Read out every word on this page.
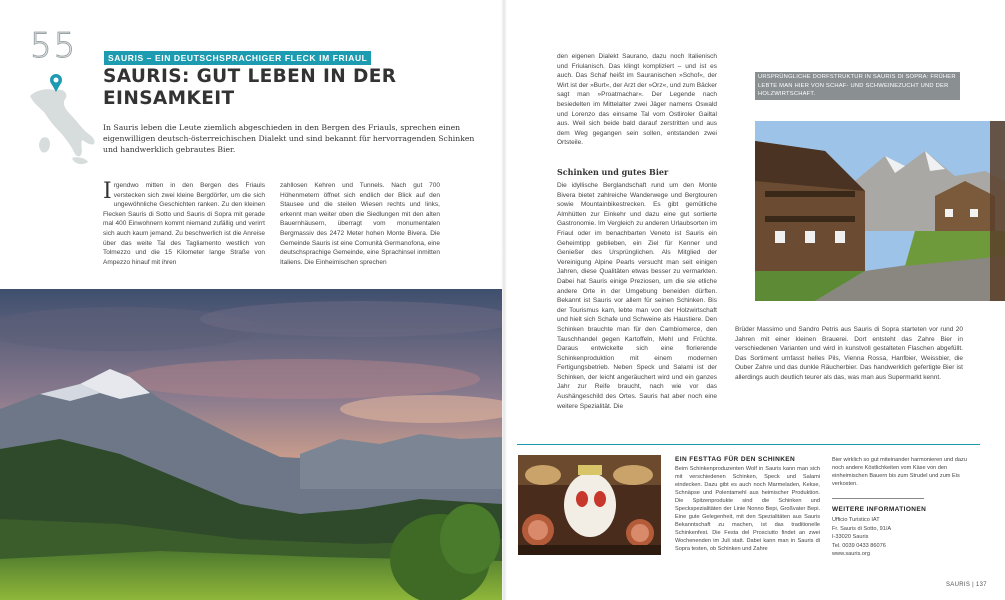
55	SAURIS – EIN DEUTSCHSPRACHIGER FLECK IM FRIAUL
SAURIS: GUT LEBEN IN DER EINSAMKEIT

In Sauris leben die Leute ziemlich abgeschieden in den Bergen des Friauls, sprechen einen eigenwilligen deutsch-österreichischen Dialekt und sind bekannt für hervorragenden Schinken und handwerklich gebrautes Bier.

Irgendwo mitten in den Bergen des Friauls verstecken sich zwei kleine Bergdörfer, um die sich ungewöhnliche Geschichten ranken. Zu den kleinen Flecken Sauris di Sotto und Sauris di Sopra mit gerade mal 400 Einwohnern kommt niemand zufällig und verirrt sich auch kaum jemand. Zu beschwerlich ist die Anreise über das weite Tal des Tagliamento westlich von Tolmezzo und die 15 Kilometer lange Straße von Ampezzo hinauf mit ihren
zahllosen Kehren und Tunnels. Nach gut 700 Höhenmetern öffnet sich endlich der Blick auf den Stausee und die steilen Wiesen rechts und links, erkennt man weiter oben die Siedlungen mit den alten Bauernhäusern, überragt vom monumentalen Bergmassiv des 2472 Meter hohen Monte Bivera. Die Gemeinde Sauris ist eine Comunità Germanofona, eine deutschsprachige Gemeinde, eine Sprachinsel inmitten Italiens. Die Einheimischen sprechen
den eigenen Dialekt Saurano, dazu noch Italienisch und Friulanisch. Das klingt kompliziert – und ist es auch. Das Schaf heißt im Sauranischen »Schof«, der Wirt ist der »Burt«, der Arzt der »Orz«, und zum Bäcker sagt man »Proatmachar«. Der Legende nach besiedelten im Mittelalter zwei Jäger namens Oswald und Lorenzo das einsame Tal vom Ostliroler Gailtal aus. Weil sich beide bald darauf zerstritten und aus dem Weg gegangen sein sollen, entstanden zwei Ortsteile.
Schinken und gutes Bier
Die idyllische Berglandschaft rund um den Monte Bivera bietet zahlreiche Wanderwege und Bergtouren sowie Mountainbikestrecken. Es gibt gemütliche Almhütten zur Einkehr und dazu eine gut sortierte Gastronomie. Im Vergleich zu anderen Urlaubsorten im Friaul oder im benachbarten Veneto ist Sauris ein Geheimtipp geblieben, ein Ziel für Kenner und Genießer des Ursprünglichen. Als Mitglied der Vereinigung Alpine Pearls versucht man seit einigen Jahren, diese Qualitäten etwas besser zu vermarkten. Dabei hat Sauris einige Preziosen, um die sie etliche andere Orte in der Umgebung beneiden dürften. Bekannt ist Sauris vor allem für seinen Schinken. Bis der Tourismus kam, lebte man von der Holzwirtschaft und hielt sich Schafe und Schweine als Haustiere. Den Schinken brauchte man für den Cambiomerce, den Tauschhandel gegen Kartoffeln, Mehl und Früchte. Daraus entwickelte sich eine florierende Schinkenproduktion mit einem modernen Fertigungsbetrieb. Neben Speck und Salami ist der Schinken, der leicht angeräuchert wird und ein ganzes Jahr zur Reife braucht, nach wie vor das Aushängeschild des Ortes. Sauris hat aber noch eine weitere Spezialität. Die
URSPRÜNGLICHE DORFSTRUKTUR IN SAURIS DI SOPRA: FRÜHER LEBTE MAN HIER VON SCHAF- UND SCHWEINEZUCHT UND DER HOLZWIRTSCHAFT.
Brüder Massimo und Sandro Petris aus Sauris di Sopra starteten vor rund 20 Jahren mit einer kleinen Brauerei. Dort entsteht das Zahre Bier in verschiedenen Varianten und wird in kunstvoll gestalteten Flaschen abgefüllt. Das Sortiment umfasst helles Pils, Vienna Rossa, Hanfbier, Weissbier, die Ouber Zahre und das dunkle Räucherbier. Das handwerklich gefertigte Bier ist allerdings auch deutlich teurer als das, was man aus Supermarkt kennt.
EIN FESTTAG FÜR DEN SCHINKEN
Beim Schinkenproduzenten Wolf in Sauris kann man sich mit verschiedenen Schinken, Speck und Salami eindecken. Dazu gibt es auch noch Marmeladen, Kekse, Schnäpse und Polentamehl aus heimischer Produktion. Die Spitzenprodukte sind die Schinken und Speckspezialitäten der Linie Nonno Bepi, Großvater Bepi. Eine gute Gelegenheit, mit den Spezialitäten aus Sauris Bekanntschaft zu machen, ist das traditionelle Schinkenfest. Die Festa del Prosciutto findet an zwei Wochenenden im Juli statt. Dabei kann man in Sauris di Sopra testen, ob Schinken und Zahre
Bier wirklich so gut miteinander harmonieren und dazu noch andere Köstlichkeiten vom Käse von den einheimischen Bauern bis zum Strudel und zum Eis verkosten.
WEITERE INFORMATIONEN
Ufficio Turistico IAT
Fr. Sauris di Sotto, 91/A
I-33020 Sauris
Tel. 0039 0433 86076
www.sauris.org
SAURIS | 137
